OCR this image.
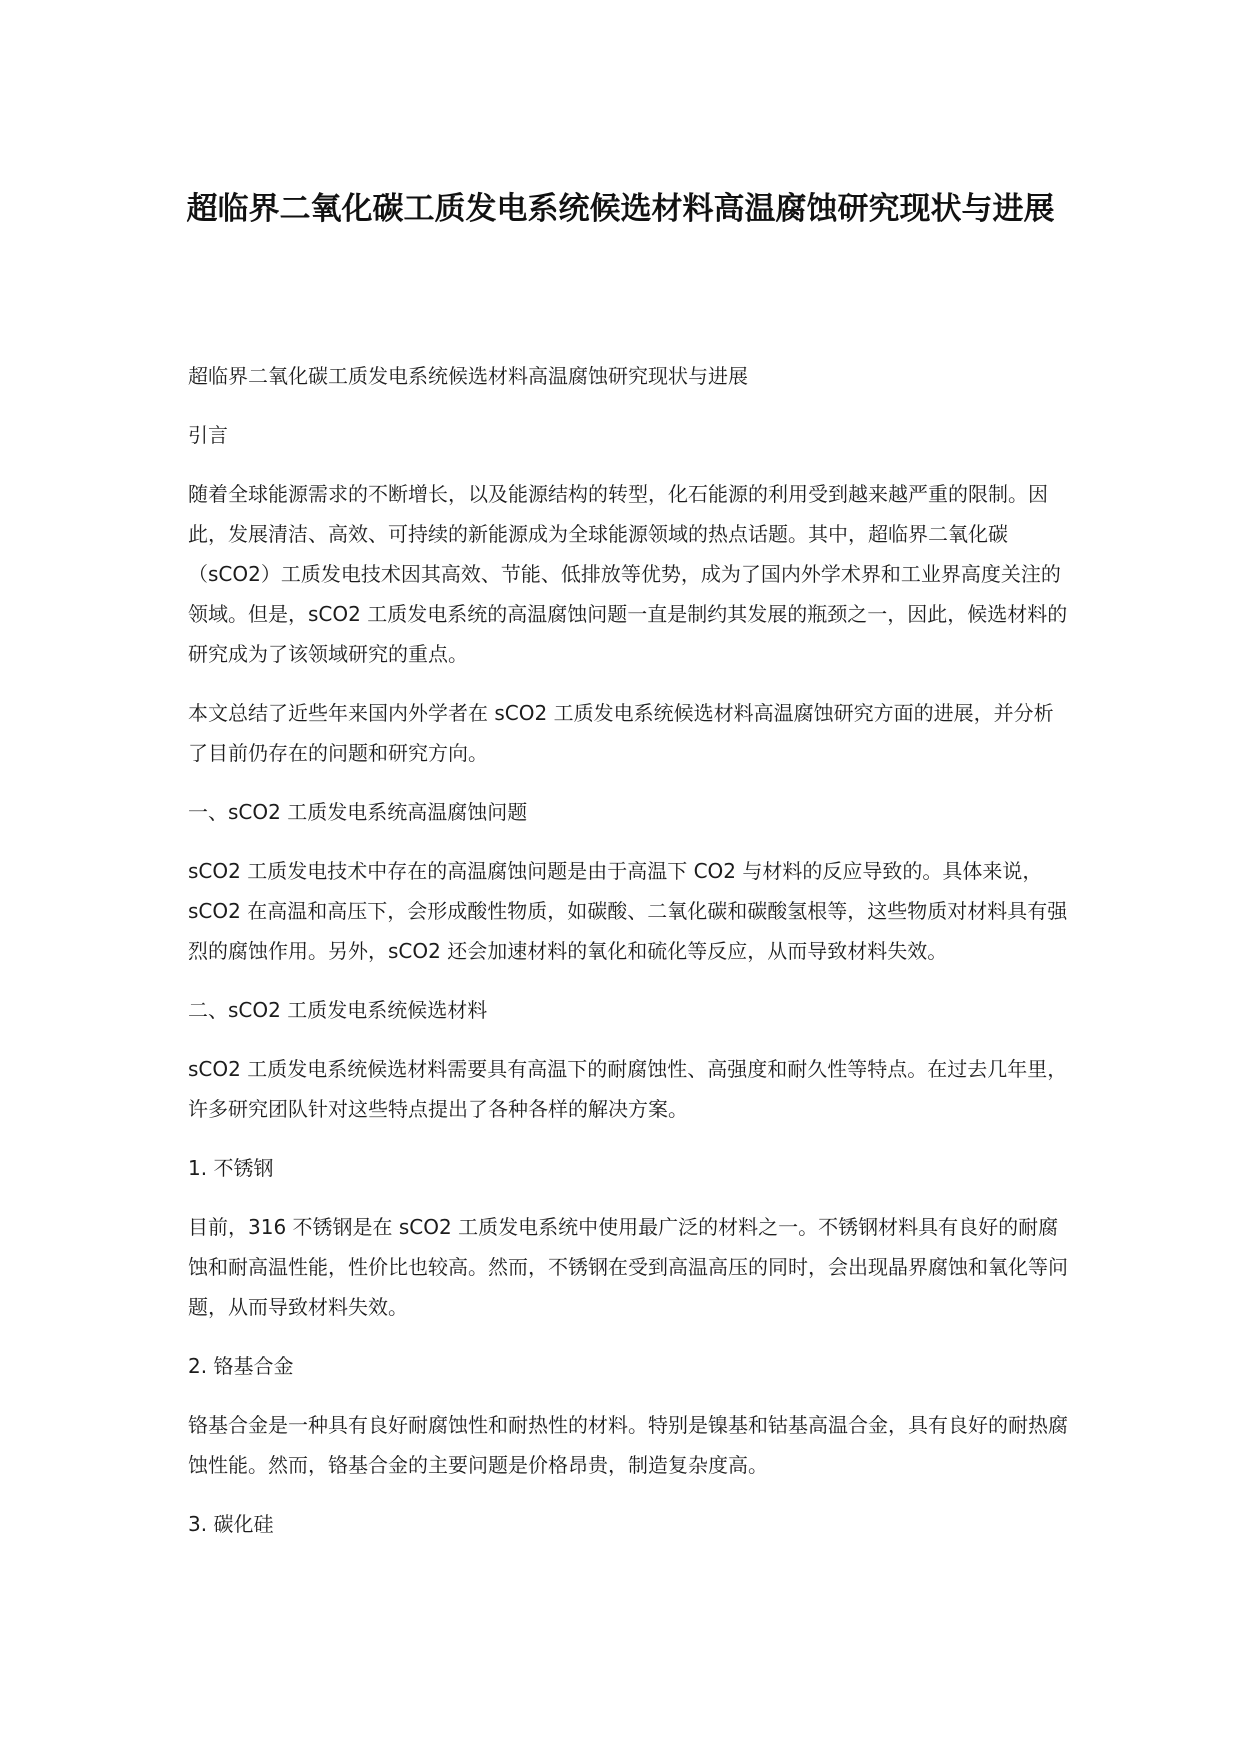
超临界二氧化碳工质发电系统候选材料高温腐蚀研究现状与进展

超临界二氧化碳工质发电系统候选材料高温腐蚀研究现状与进展

引言

随着全球能源需求的不断增长，以及能源结构的转型，化石能源的利用受到越来越严重的限制。因此，发展清洁、高效、可持续的新能源成为全球能源领域的热点话题。其中，超临界二氧化碳（sCO2）工质发电技术因其高效、节能、低排放等优势，成为了国内外学术界和工业界高度关注的领域。但是，sCO2 工质发电系统的高温腐蚀问题一直是制约其发展的瓶颈之一，因此，候选材料的研究成为了该领域研究的重点。

本文总结了近些年来国内外学者在 sCO2 工质发电系统候选材料高温腐蚀研究方面的进展，并分析了目前仍存在的问题和研究方向。

一、sCO2 工质发电系统高温腐蚀问题

sCO2 工质发电技术中存在的高温腐蚀问题是由于高温下 CO2 与材料的反应导致的。具体来说，sCO2 在高温和高压下，会形成酸性物质，如碳酸、二氧化碳和碳酸氢根等，这些物质对材料具有强烈的腐蚀作用。另外，sCO2 还会加速材料的氧化和硫化等反应，从而导致材料失效。

二、sCO2 工质发电系统候选材料

sCO2 工质发电系统候选材料需要具有高温下的耐腐蚀性、高强度和耐久性等特点。在过去几年里，许多研究团队针对这些特点提出了各种各样的解决方案。

1. 不锈钢

目前，316 不锈钢是在 sCO2 工质发电系统中使用最广泛的材料之一。不锈钢材料具有良好的耐腐蚀和耐高温性能，性价比也较高。然而，不锈钢在受到高温高压的同时，会出现晶界腐蚀和氧化等问题，从而导致材料失效。

2. 铬基合金

铬基合金是一种具有良好耐腐蚀性和耐热性的材料。特别是镍基和钴基高温合金，具有良好的耐热腐蚀性能。然而，铬基合金的主要问题是价格昂贵，制造复杂度高。

3. 碳化硅
